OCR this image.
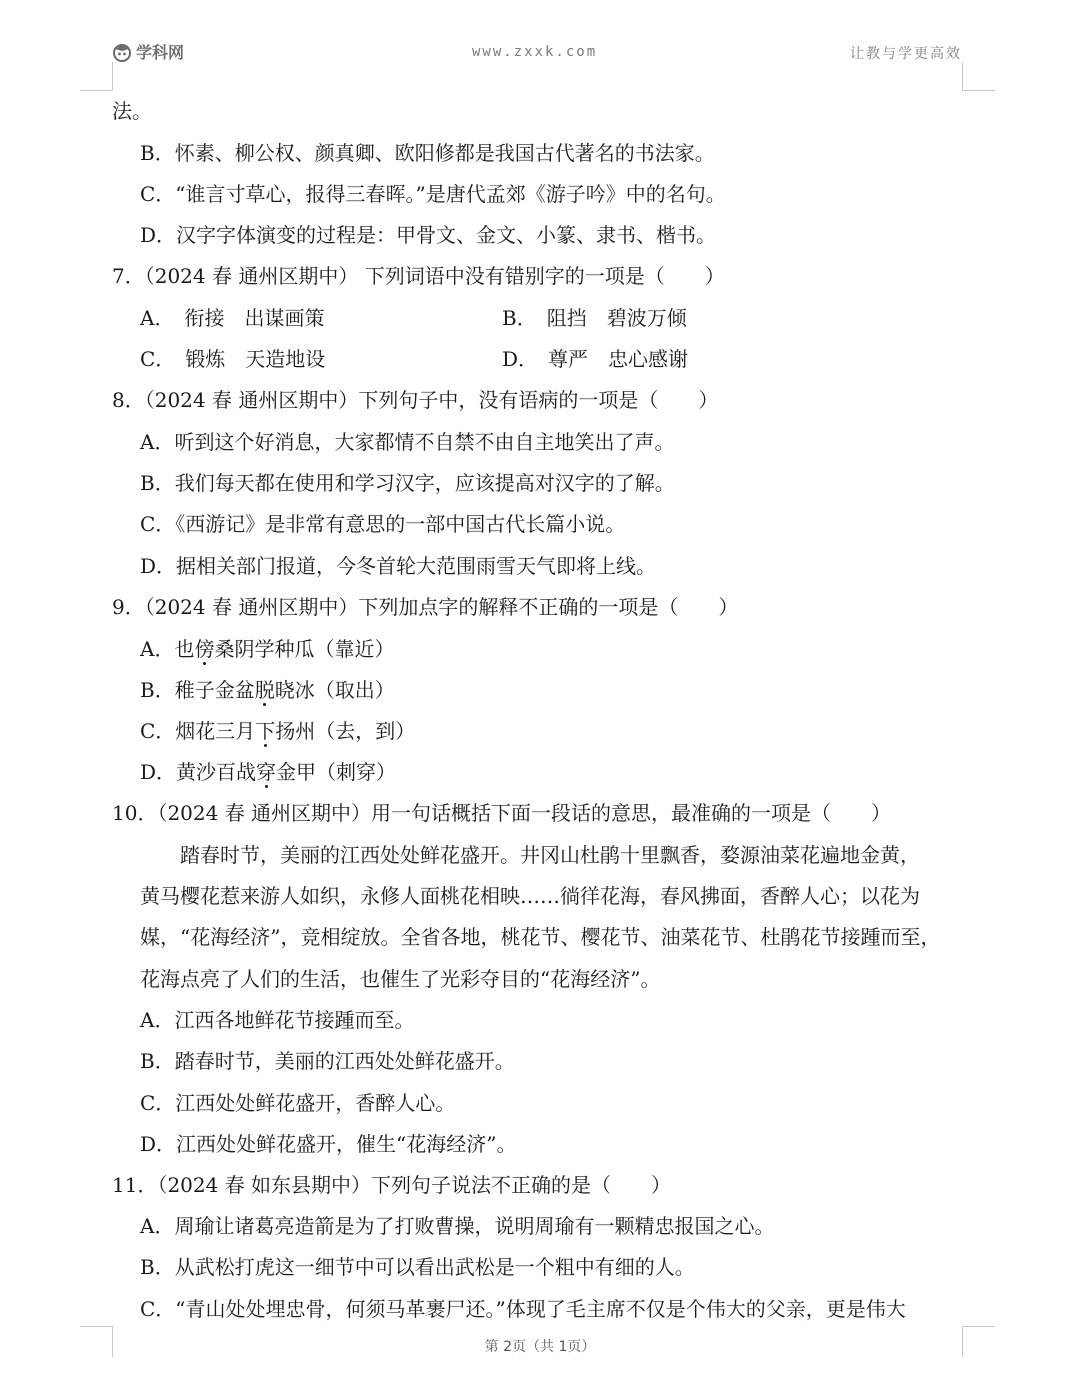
学科网	www.zxxk.com	让教与学更高效
法。
B．怀素、柳公权、颜真卿、欧阳修都是我国古代著名的书法家。
C．“谁言寸草心，报得三春晖。”是唐代孟郊《游子吟》中的名句。
D．汉字字体演变的过程是：甲骨文、金文、小篆、隶书、楷书。
7．（2024 春 通州区期中） 下列词语中没有错别字的一项是（　　）
A．　衔接　出谋画策	B．　阻挡　碧波万倾
C．　锻炼　天造地设	D．　尊严　忠心感谢
8．（2024 春 通州区期中）下列句子中，没有语病的一项是（　　）
A．听到这个好消息，大家都情不自禁不由自主地笑出了声。
B．我们每天都在使用和学习汉字，应该提高对汉字的了解。
C．《西游记》是非常有意思的一部中国古代长篇小说。
D．据相关部门报道，今冬首轮大范围雨雪天气即将上线。
9．（2024 春 通州区期中）下列加点字的解释不正确的一项是（　　）
A．也傍桑阴学种瓜（靠近）
B．稚子金盆脱晓冰（取出）
C．烟花三月下扬州（去，到）
D．黄沙百战穿金甲（刺穿）
10．（2024 春 通州区期中）用一句话概括下面一段话的意思，最准确的一项是（　　）
踏春时节，美丽的江西处处鲜花盛开。井冈山杜鹃十里飘香，婺源油菜花遍地金黄，
黄马樱花惹来游人如织，永修人面桃花相映……徜徉花海，春风拂面，香醉人心；以花为
媒，“花海经济”，竞相绽放。全省各地，桃花节、樱花节、油菜花节、杜鹃花节接踵而至，
花海点亮了人们的生活，也催生了光彩夺目的“花海经济”。
A．江西各地鲜花节接踵而至。
B．踏春时节，美丽的江西处处鲜花盛开。
C．江西处处鲜花盛开，香醉人心。
D．江西处处鲜花盛开，催生“花海经济”。
11．（2024 春 如东县期中）下列句子说法不正确的是（　　）
A．周瑜让诸葛亮造箭是为了打败曹操，说明周瑜有一颗精忠报国之心。
B．从武松打虎这一细节中可以看出武松是一个粗中有细的人。
C．“青山处处埋忠骨，何须马革裹尸还。”体现了毛主席不仅是个伟大的父亲，更是伟大
第 2页（共 1页）
